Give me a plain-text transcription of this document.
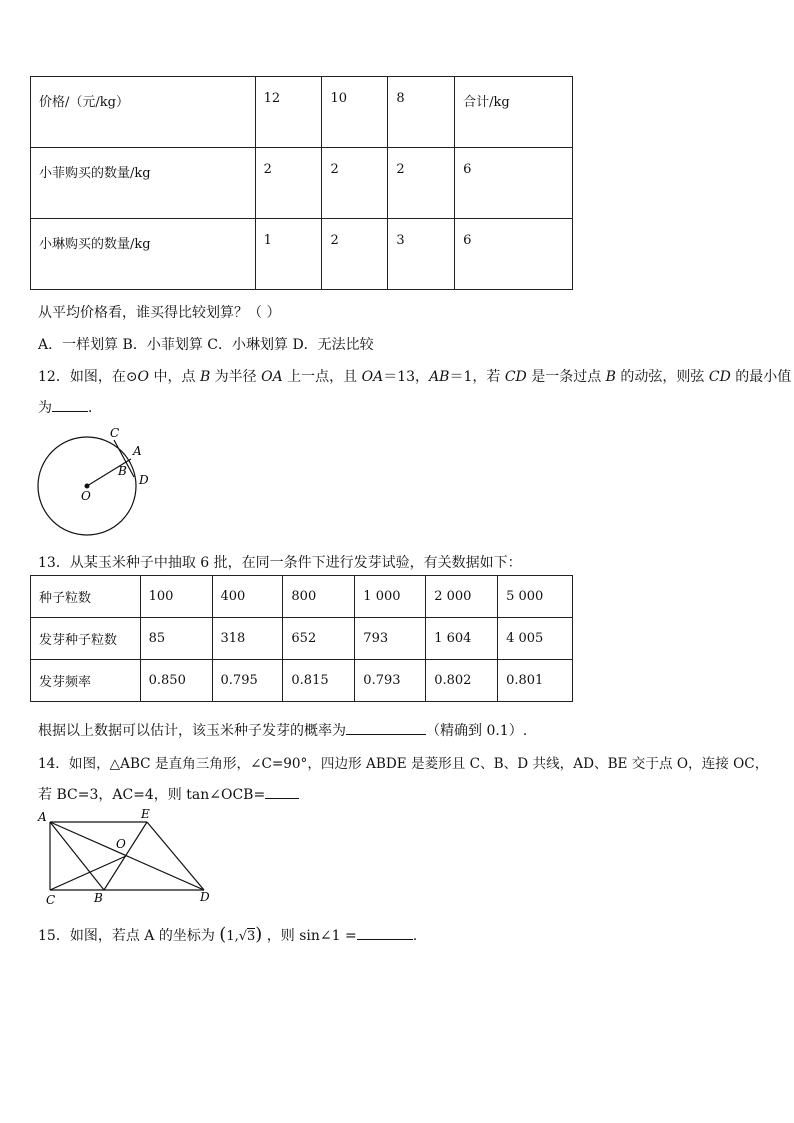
价格/（元/kg）	12	10	8	合计/kg
小菲购买的数量/kg	2	2	2	6
小琳购买的数量/kg	1	2	3	6
从平均价格看，谁买得比较划算？（ ）
A．一样划算 B．小菲划算 C．小琳划算 D．无法比较
12．如图，在⊙O 中，点 B 为半径 OA 上一点，且 OA＝13，AB＝1，若 CD 是一条过点 B 的动弦，则弦 CD 的最小值
为	．
C
A
B
D
O
13．从某玉米种子中抽取 6 批，在同一条件下进行发芽试验，有关数据如下：
种子粒数	100	400	800	1 000	2 000	5 000
发芽种子粒数	85	318	652	793	1 604	4 005
发芽频率	0.850	0.795	0.815	0.793	0.802	0.801
根据以上数据可以估计，该玉米种子发芽的概率为	（精确到 0.1）.
14．如图，△ABC 是直角三角形，∠C=90°，四边形 ABDE 是菱形且 C、B、D 共线，AD、BE 交于点 O，连接 OC，
若 BC=3，AC=4，则 tan∠OCB=
A	E
O
C	B	D
15．如图，若点 A 的坐标为 (1,√3) ，则 sin∠1 =	.
